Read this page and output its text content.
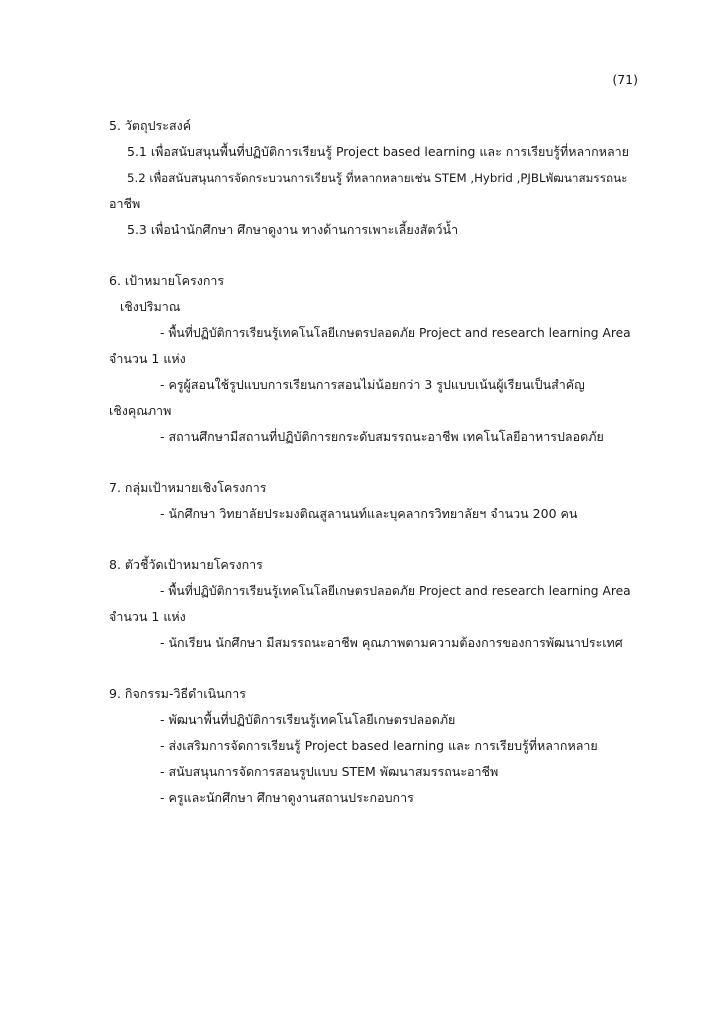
(71)
5. วัตถุประสงค์
5.1 เพื่อสนับสนุนพื้นที่ปฏิบัติการเรียนรู้ Project based learning และ การเรียบรู้ที่หลากหลาย
5.2 เพื่อสนับสนุนการจัดกระบวนการเรียนรู้ ที่หลากหลายเช่น STEM ,Hybrid ,PJBLพัฒนาสมรรถนะ
อาชีพ
5.3 เพื่อนำนักศึกษา ศึกษาดูงาน ทางด้านการเพาะเลี้ยงสัตว์น้ำ
6. เป้าหมายโครงการ
เชิงปริมาณ
- พื้นที่ปฏิบัติการเรียนรู้เทคโนโลยีเกษตรปลอดภัย Project and research learning Area
จำนวน 1 แห่ง
- ครูผู้สอนใช้รูปแบบการเรียนการสอนไม่น้อยกว่า 3 รูปแบบเน้นผู้เรียนเป็นสำคัญ
เชิงคุณภาพ
- สถานศึกษามีสถานที่ปฏิบัติการยกระดับสมรรถนะอาชีพ เทคโนโลยีอาหารปลอดภัย
7. กลุ่มเป้าหมายเชิงโครงการ
- นักศึกษา วิทยาลัยประมงติณสูลานนท์และบุคลากรวิทยาลัยฯ จำนวน 200 คน
8. ตัวชี้วัดเป้าหมายโครงการ
- พื้นที่ปฏิบัติการเรียนรู้เทคโนโลยีเกษตรปลอดภัย Project and research learning Area
จำนวน 1 แห่ง
- นักเรียน นักศึกษา มีสมรรถนะอาชีพ คุณภาพตามความต้องการของการพัฒนาประเทศ
9. กิจกรรม-วิธีดำเนินการ
- พัฒนาพื้นที่ปฏิบัติการเรียนรู้เทคโนโลยีเกษตรปลอดภัย
- ส่งเสริมการจัดการเรียนรู้ Project based learning และ การเรียบรู้ที่หลากหลาย
- สนับสนุนการจัดการสอนรูปแบบ STEM พัฒนาสมรรถนะอาชีพ
- ครูและนักศึกษา ศึกษาดูงานสถานประกอบการ
